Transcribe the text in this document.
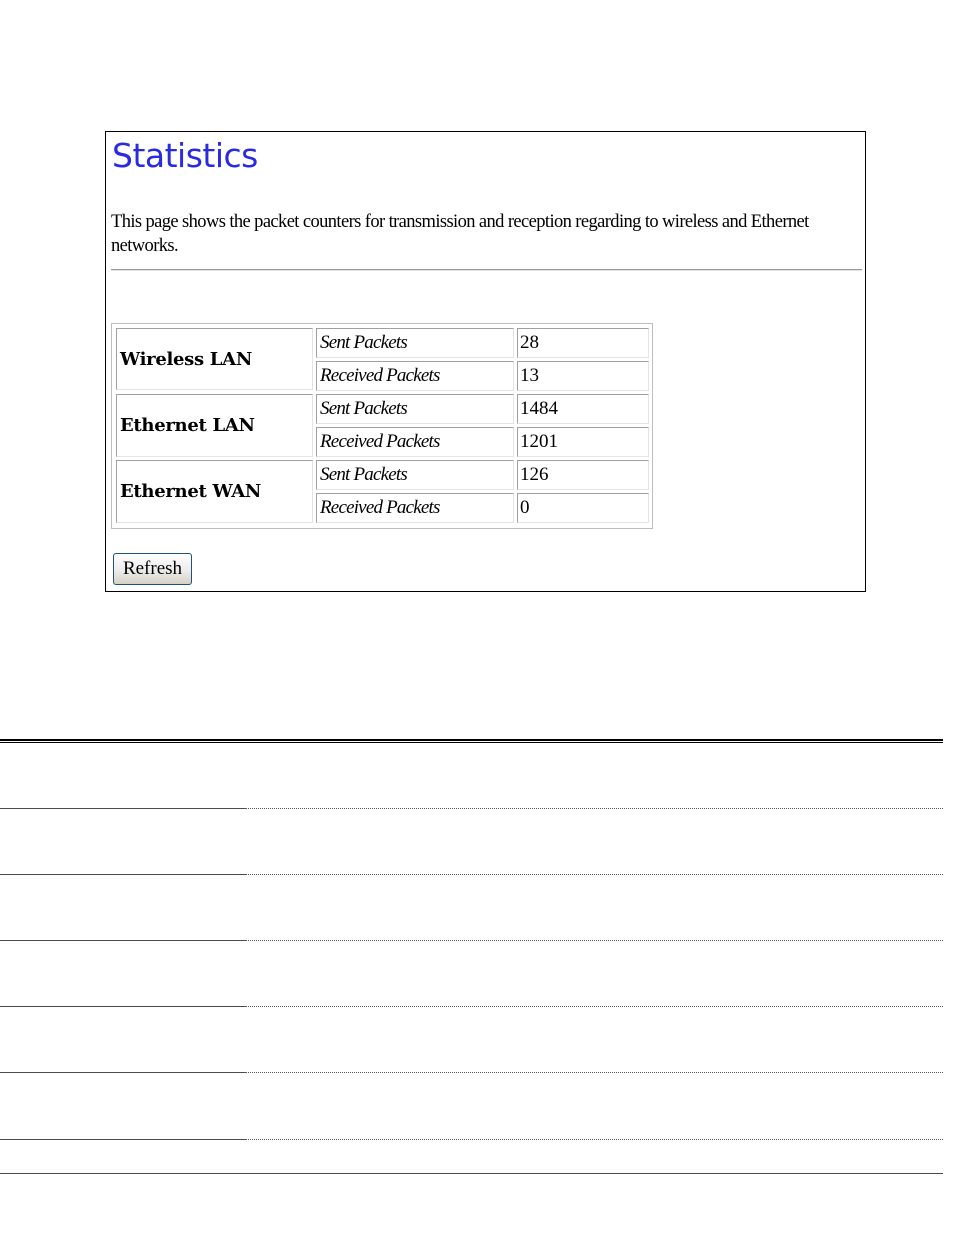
Statistics

This page shows the packet counters for transmission and reception regarding to wireless and Ethernet networks.

Wireless LAN
Sent Packets	28
Received Packets	13
Ethernet LAN
Sent Packets	1484
Received Packets	1201
Ethernet WAN
Sent Packets	126
Received Packets	0
Refresh
